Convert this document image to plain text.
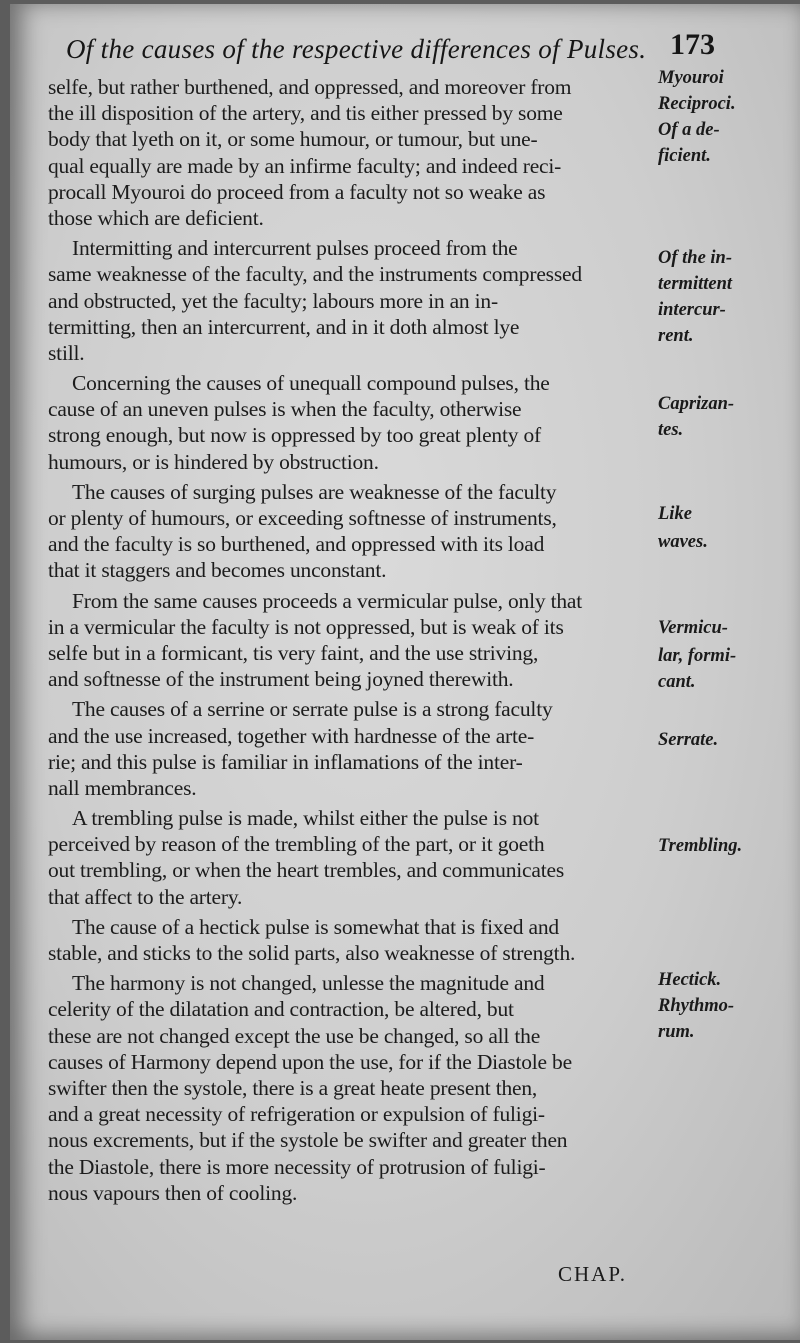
Of the causes of the respective differences of Pulses. 173
selfe, but rather burthened, and oppressed, and moreover from
the ill disposition of the artery, and tis either pressed by some
body that lyeth on it, or some humour, or tumour, but une-
qual equally are made by an infirme faculty; and indeed reci-
procall Myouroi do proceed from a faculty not so weake as
those which are deficient.
Intermitting and intercurrent pulses proceed from the
same weaknesse of the faculty, and the instruments compressed
and obstructed, yet the faculty; labours more in an in-
termitting, then an intercurrent, and in it doth almost lye
still.
Concerning the causes of unequall compound pulses, the
cause of an uneven pulses is when the faculty, otherwise
strong enough, but now is oppressed by too great plenty of
humours, or is hindered by obstruction.
The causes of surging pulses are weaknesse of the faculty
or plenty of humours, or exceeding softnesse of instruments,
and the faculty is so burthened, and oppressed with its load
that it staggers and becomes unconstant.
From the same causes proceeds a vermicular pulse, only that
in a vermicular the faculty is not oppressed, but is weak of its
selfe but in a formicant, tis very faint, and the use striving,
and softnesse of the instrument being joyned therewith.
The causes of a serrine or serrate pulse is a strong faculty
and the use increased, together with hardnesse of the arte-
rie; and this pulse is familiar in inflamations of the inter-
nall membrances.
A trembling pulse is made, whilst either the pulse is not
perceived by reason of the trembling of the part, or it goeth
out trembling, or when the heart trembles, and communicates
that affect to the artery.
The cause of a hectick pulse is somewhat that is fixed and
stable, and sticks to the solid parts, also weaknesse of strength.
The harmony is not changed, unlesse the magnitude and
celerity of the dilatation and contraction, be altered, but
these are not changed except the use be changed, so all the
causes of Harmony depend upon the use, for if the Diastole be
swifter then the systole, there is a great heate present then,
and a great necessity of refrigeration or expulsion of fuligi-
nous excrements, but if the systole be swifter and greater then
the Diastole, there is more necessity of protrusion of fuligi-
nous vapours then of cooling.
Myouroi
Reciproci.
Of a de-
ficient.
Of the in-
termittent
intercur-
rent.
Caprizan-
tes.
Like
waves.
Vermicu-
lar, formi-
cant.
Serrate.
Trembling.
Hectick.
Rhythmo-
rum.
CHAP.
